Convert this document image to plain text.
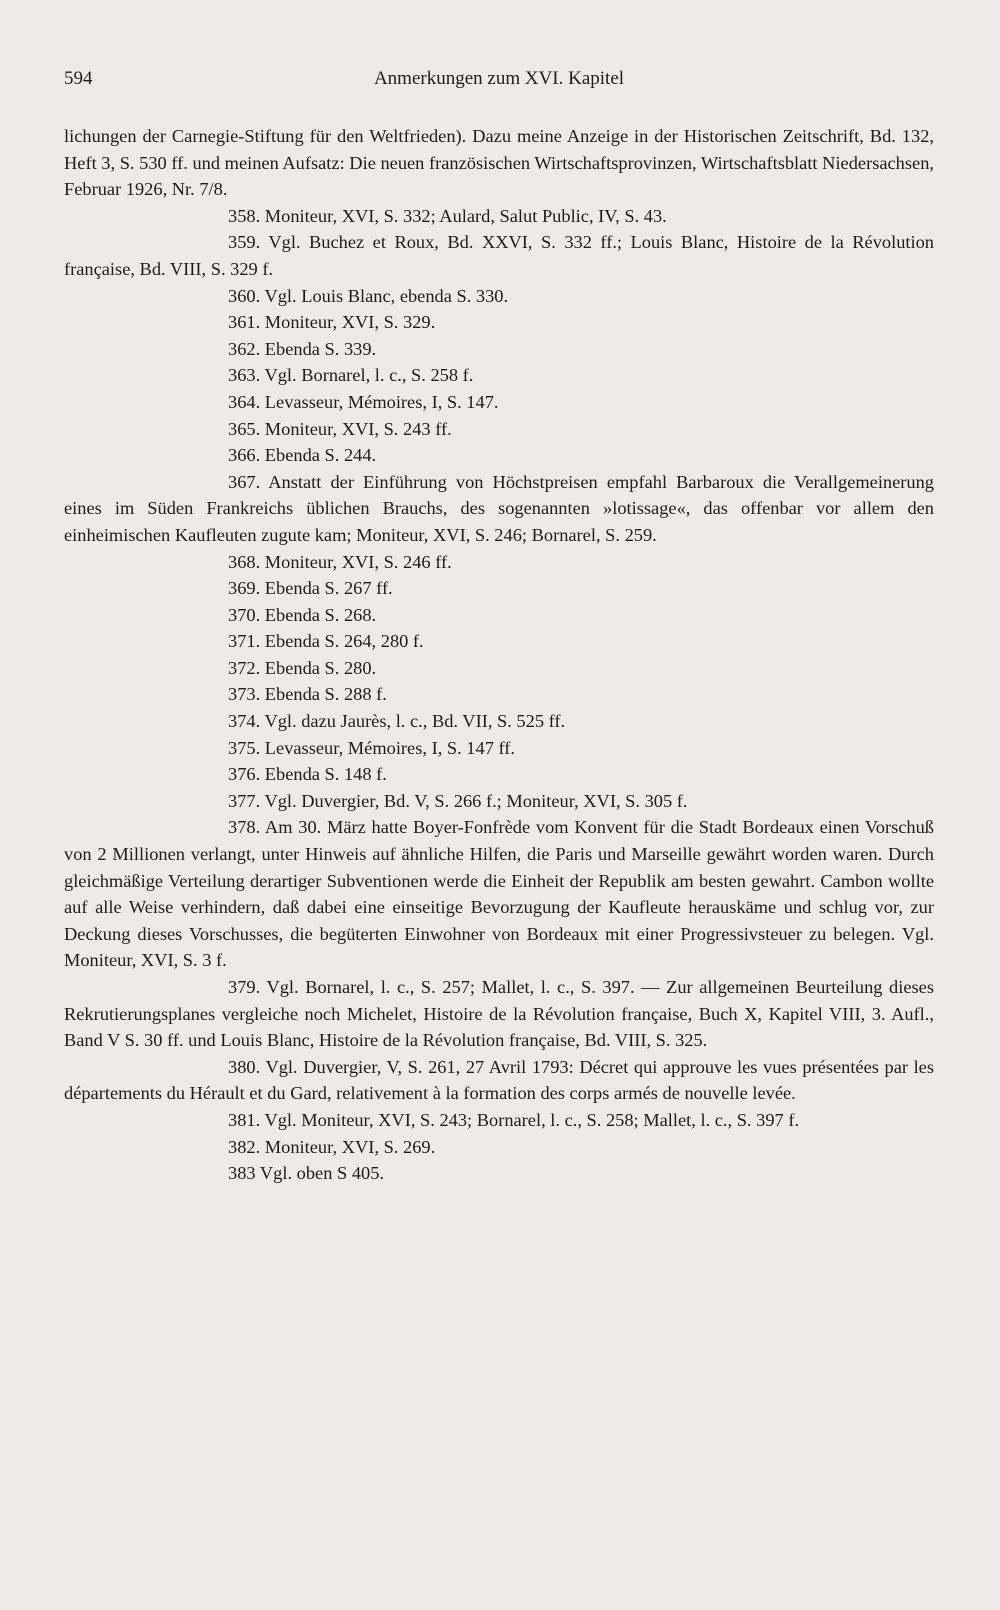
594	Anmerkungen zum XVI. Kapitel

lichungen der Carnegie-Stiftung für den Weltfrieden). Dazu meine Anzeige in der Historischen Zeitschrift, Bd. 132, Heft 3, S. 530 ff. und meinen Aufsatz: Die neuen französischen Wirtschaftsprovinzen, Wirtschaftsblatt Niedersachsen, Februar 1926, Nr. 7/8.

358. Moniteur, XVI, S. 332; Aulard, Salut Public, IV, S. 43.

359. Vgl. Buchez et Roux, Bd. XXVI, S. 332 ff.; Louis Blanc, Histoire de la Révolution française, Bd. VIII, S. 329 f.

360. Vgl. Louis Blanc, ebenda S. 330.

361. Moniteur, XVI, S. 329.

362. Ebenda S. 339.

363. Vgl. Bornarel, l. c., S. 258 f.

364. Levasseur, Mémoires, I, S. 147.

365. Moniteur, XVI, S. 243 ff.

366. Ebenda S. 244.

367. Anstatt der Einführung von Höchstpreisen empfahl Barbaroux die Verallgemeinerung eines im Süden Frankreichs üblichen Brauchs, des sogenannten »lotissage«, das offenbar vor allem den einheimischen Kaufleuten zugute kam; Moniteur, XVI, S. 246; Bornarel, S. 259.

368. Moniteur, XVI, S. 246 ff.

369. Ebenda S. 267 ff.

370. Ebenda S. 268.

371. Ebenda S. 264, 280 f.

372. Ebenda S. 280.

373. Ebenda S. 288 f.

374. Vgl. dazu Jaurès, l. c., Bd. VII, S. 525 ff.

375. Levasseur, Mémoires, I, S. 147 ff.

376. Ebenda S. 148 f.

377. Vgl. Duvergier, Bd. V, S. 266 f.; Moniteur, XVI, S. 305 f.

378. Am 30. März hatte Boyer-Fonfrède vom Konvent für die Stadt Bordeaux einen Vorschuß von 2 Millionen verlangt, unter Hinweis auf ähnliche Hilfen, die Paris und Marseille gewährt worden waren. Durch gleichmäßige Verteilung derartiger Subventionen werde die Einheit der Republik am besten gewahrt. Cambon wollte auf alle Weise verhindern, daß dabei eine einseitige Bevorzugung der Kaufleute herauskäme und schlug vor, zur Deckung dieses Vorschusses, die begüterten Einwohner von Bordeaux mit einer Progressivsteuer zu belegen. Vgl. Moniteur, XVI, S. 3 f.

379. Vgl. Bornarel, l. c., S. 257; Mallet, l. c., S. 397. — Zur allgemeinen Beurteilung dieses Rekrutierungsplanes vergleiche noch Michelet, Histoire de la Révolution française, Buch X, Kapitel VIII, 3. Aufl., Band V S. 30 ff. und Louis Blanc, Histoire de la Révolution française, Bd. VIII, S. 325.

380. Vgl. Duvergier, V, S. 261, 27 Avril 1793: Décret qui approuve les vues présentées par les départements du Hérault et du Gard, relativement à la formation des corps armés de nouvelle levée.

381. Vgl. Moniteur, XVI, S. 243; Bornarel, l. c., S. 258; Mallet, l. c., S. 397 f.

382. Moniteur, XVI, S. 269.

383 Vgl. oben S 405.
